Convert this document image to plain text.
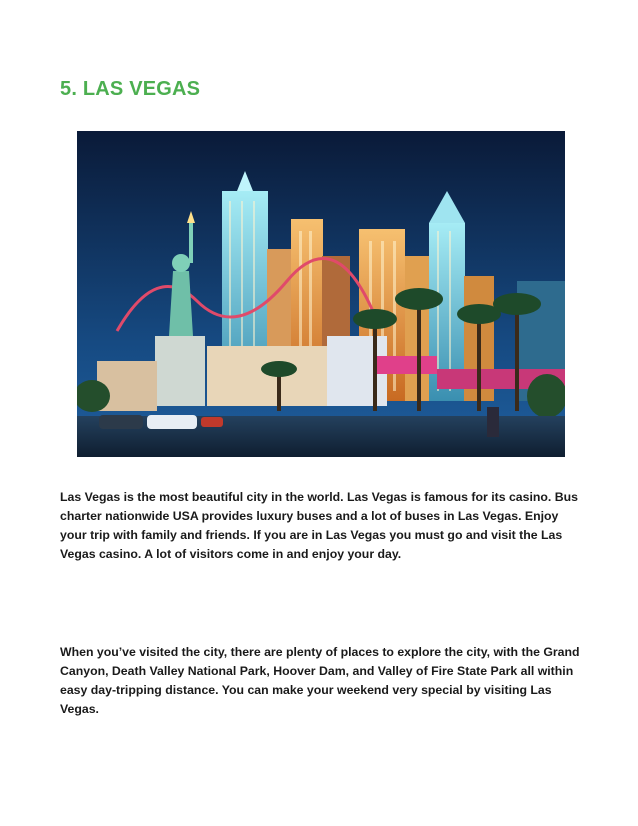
5. LAS VEGAS

Las Vegas is the most beautiful city in the world. Las Vegas is famous for its casino. Bus charter nationwide USA provides luxury buses and a lot of buses in Las Vegas. Enjoy your trip with family and friends. If you are in Las Vegas you must go and visit the Las Vegas casino. A lot of visitors come in and enjoy your day.

When you’ve visited the city, there are plenty of places to explore the city, with the Grand Canyon, Death Valley National Park, Hoover Dam, and Valley of Fire State Park all within easy day-tripping distance. You can make your weekend very special by visiting Las Vegas.
